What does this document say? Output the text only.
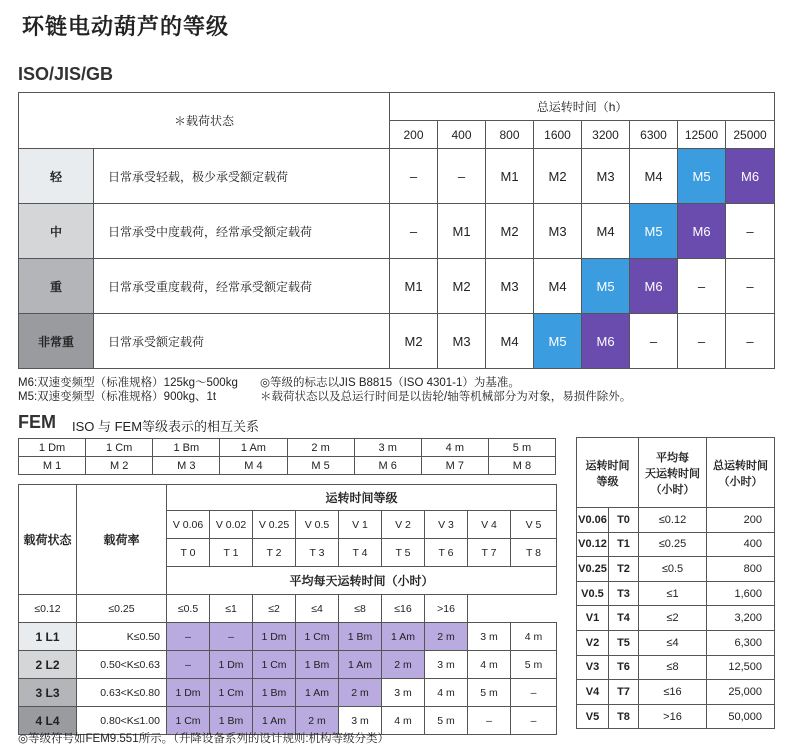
环链电动葫芦的等级
ISO/JIS/GB
＊载荷状态		总运转时间（h）							
		200	400	800	1600	3200	6300	12500	25000
轻	日常承受轻载，极少承受额定载荷	–	–	M1	M2	M3	M4	M5	M6
中	日常承受中度载荷，经常承受额定载荷	–	M1	M2	M3	M4	M5	M6	–
重	日常承受重度载荷，经常承受额定载荷	M1	M2	M3	M4	M5	M6	–	–
非常重	日常承受额定载荷	M2	M3	M4	M5	M6	–	–	–
M6:双速变频型（标准规格）125kg～500kg
M5:双速变频型（标准规格）900kg、1t
◎等级的标志以JIS B8815（ISO 4301-1）为基准。
＊载荷状态以及总运行时间是以齿轮/轴等机械部分为对象，易损件除外。
FEM ISO 与 FEM等级表示的相互关系
1 Dm	1 Cm	1 Bm	1 Am	2 m	3 m	4 m	5 m
M 1	M 2	M 3	M 4	M 5	M 6	M 7	M 8
载荷状态	载荷率	运转时间等级								
		V 0.06	V 0.02	V 0.25	V 0.5	V 1	V 2	V 3	V 4	V 5
		T 0	T 1	T 2	T 3	T 4	T 5	T 6	T 7	T 8
		平均每天运转时间（小时）								
≤0.12	≤0.25	≤0.5	≤1	≤2	≤4	≤8	≤16	>16		
1 L1	K≤0.50	–	–	1 Dm	1 Cm	1 Bm	1 Am	2 m	3 m	4 m
2 L2	0.50<K≤0.63	–	1 Dm	1 Cm	1 Bm	1 Am	2 m	3 m	4 m	5 m
3 L3	0.63<K≤0.80	1 Dm	1 Cm	1 Bm	1 Am	2 m	3 m	4 m	5 m	–
4 L4	0.80<K≤1.00	1 Cm	1 Bm	1 Am	2 m	3 m	4 m	5 m	–	–
◎等级符号如FEM9.551所示。（升降设备系列的设计规则:机构等级分类）
运转时间
等级		平均每
天运转时间
（小时）	总运转时间
（小时）
V0.06	T0	≤0.12	200
V0.12	T1	≤0.25	400
V0.25	T2	≤0.5	800
V0.5	T3	≤1	1,600
V1	T4	≤2	3,200
V2	T5	≤4	6,300
V3	T6	≤8	12,500
V4	T7	≤16	25,000
V5	T8	>16	50,000
